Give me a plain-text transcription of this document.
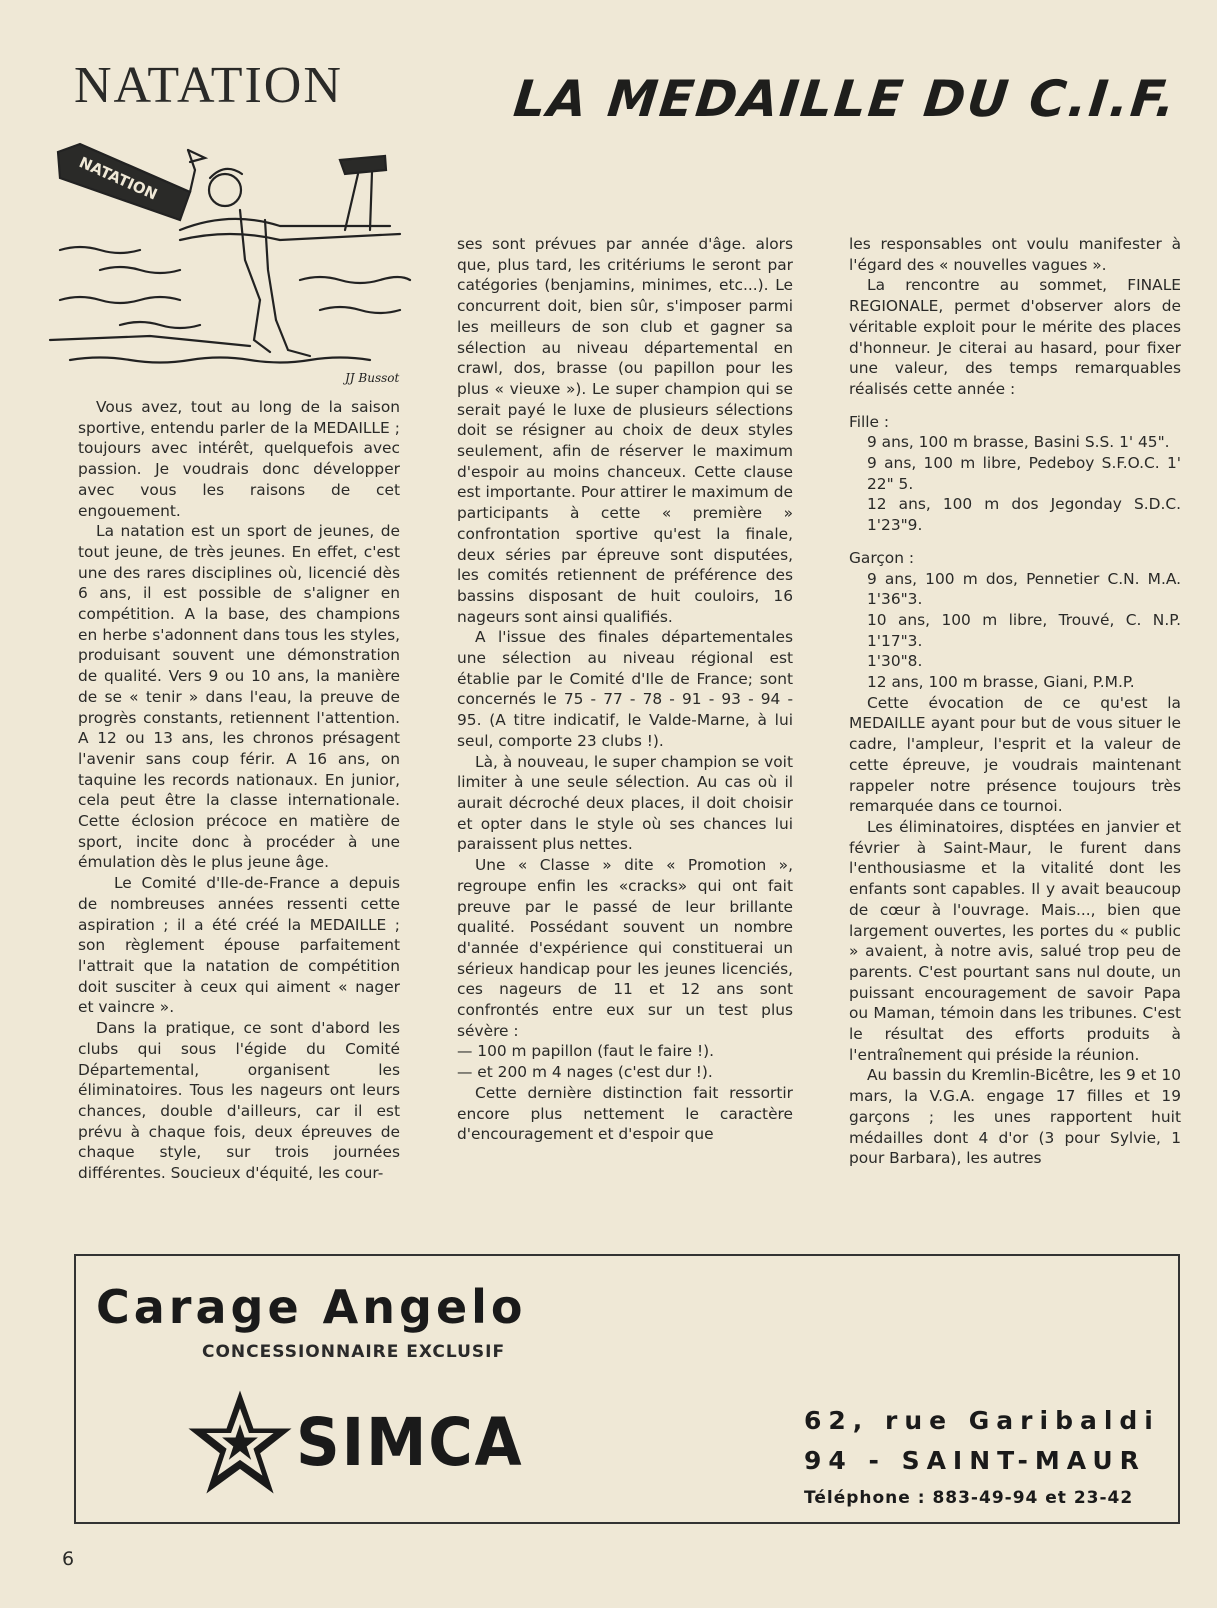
NATATION	LA MEDAILLE DU C.I.F.
NATATION
JJ Bussot

Vous avez, tout au long de la saison sportive, entendu parler de la MEDAILLE ; toujours avec intérêt, quelquefois avec passion. Je voudrais donc développer avec vous les raisons de cet engouement.

La natation est un sport de jeunes, de tout jeune, de très jeunes. En effet, c'est une des rares disciplines où, licencié dès 6 ans, il est possible de s'aligner en compétition. A la base, des champions en herbe s'adonnent dans tous les styles, produisant souvent une démonstration de qualité. Vers 9 ou 10 ans, la manière de se « tenir » dans l'eau, la preuve de progrès constants, retiennent l'attention. A 12 ou 13 ans, les chronos présagent l'avenir sans coup férir. A 16 ans, on taquine les records nationaux. En junior, cela peut être la classe internationale. Cette éclosion précoce en matière de sport, incite donc à procéder à une émulation dès le plus jeune âge.

Le Comité d'Ile-de-France a depuis de nombreuses années ressenti cette aspiration ; il a été créé la MEDAILLE ; son règlement épouse parfaitement l'attrait que la natation de compétition doit susciter à ceux qui aiment « nager et vaincre ».

Dans la pratique, ce sont d'abord les clubs qui sous l'égide du Comité Départemental, organisent les éliminatoires. Tous les nageurs ont leurs chances, double d'ailleurs, car il est prévu à chaque fois, deux épreuves de chaque style, sur trois journées différentes. Soucieux d'équité, les cour-

ses sont prévues par année d'âge. alors que, plus tard, les critériums le seront par catégories (benjamins, minimes, etc...). Le concurrent doit, bien sûr, s'imposer parmi les meilleurs de son club et gagner sa sélection au niveau départemental en crawl, dos, brasse (ou papillon pour les plus « vieuxe »). Le super champion qui se serait payé le luxe de plusieurs sélections doit se résigner au choix de deux styles seulement, afin de réserver le maximum d'espoir au moins chanceux. Cette clause est importante. Pour attirer le maximum de participants à cette « première » confrontation sportive qu'est la finale, deux séries par épreuve sont disputées, les comités retiennent de préférence des bassins disposant de huit couloirs, 16 nageurs sont ainsi qualifiés.

A l'issue des finales départementales une sélection au niveau régional est établie par le Comité d'Ile de France; sont concernés le 75 - 77 - 78 - 91 - 93 - 94 - 95. (A titre indicatif, le Valde-Marne, à lui seul, comporte 23 clubs !).

Là, à nouveau, le super champion se voit limiter à une seule sélection. Au cas où il aurait décroché deux places, il doit choisir et opter dans le style où ses chances lui paraissent plus nettes.

Une « Classe » dite « Promotion », regroupe enfin les «cracks» qui ont fait preuve par le passé de leur brillante qualité. Possédant souvent un nombre d'année d'expérience qui constituerai un sérieux handicap pour les jeunes licenciés, ces nageurs de 11 et 12 ans sont confrontés entre eux sur un test plus sévère :

— 100 m papillon (faut le faire !).

— et 200 m 4 nages (c'est dur !).

Cette dernière distinction fait ressortir encore plus nettement le caractère d'encouragement et d'espoir que

les responsables ont voulu manifester à l'égard des « nouvelles vagues ».

La rencontre au sommet, FINALE REGIONALE, permet d'observer alors de véritable exploit pour le mérite des places d'honneur. Je citerai au hasard, pour fixer une valeur, des temps remarquables réalisés cette année :

Fille :

9 ans, 100 m brasse, Basini S.S. 1' 45".

9 ans, 100 m libre, Pedeboy S.F.O.C. 1' 22" 5.

12 ans, 100 m dos Jegonday S.D.C. 1'23"9.

Garçon :

9 ans, 100 m dos, Pennetier C.N. M.A. 1'36"3.

10 ans, 100 m libre, Trouvé, C. N.P. 1'17"3.

1'30"8.

12 ans, 100 m brasse, Giani, P.M.P.

Cette évocation de ce qu'est la MEDAILLE ayant pour but de vous situer le cadre, l'ampleur, l'esprit et la valeur de cette épreuve, je voudrais maintenant rappeler notre présence toujours très remarquée dans ce tournoi.

Les éliminatoires, disptées en janvier et février à Saint-Maur, le furent dans l'enthousiasme et la vitalité dont les enfants sont capables. Il y avait beaucoup de cœur à l'ouvrage. Mais..., bien que largement ouvertes, les portes du « public » avaient, à notre avis, salué trop peu de parents. C'est pourtant sans nul doute, un puissant encouragement de savoir Papa ou Maman, témoin dans les tribunes. C'est le résultat des efforts produits à l'entraînement qui préside la réunion.

Au bassin du Kremlin-Bicêtre, les 9 et 10 mars, la V.G.A. engage 17 filles et 19 garçons ; les unes rapportent huit médailles dont 4 d'or (3 pour Sylvie, 1 pour Barbara), les autres

Carage Angelo
CONCESSIONNAIRE EXCLUSIF
SIMCA	62, rue Garibaldi
94 - SAINT-MAUR
Téléphone : 883-49-94 et 23-42
6
